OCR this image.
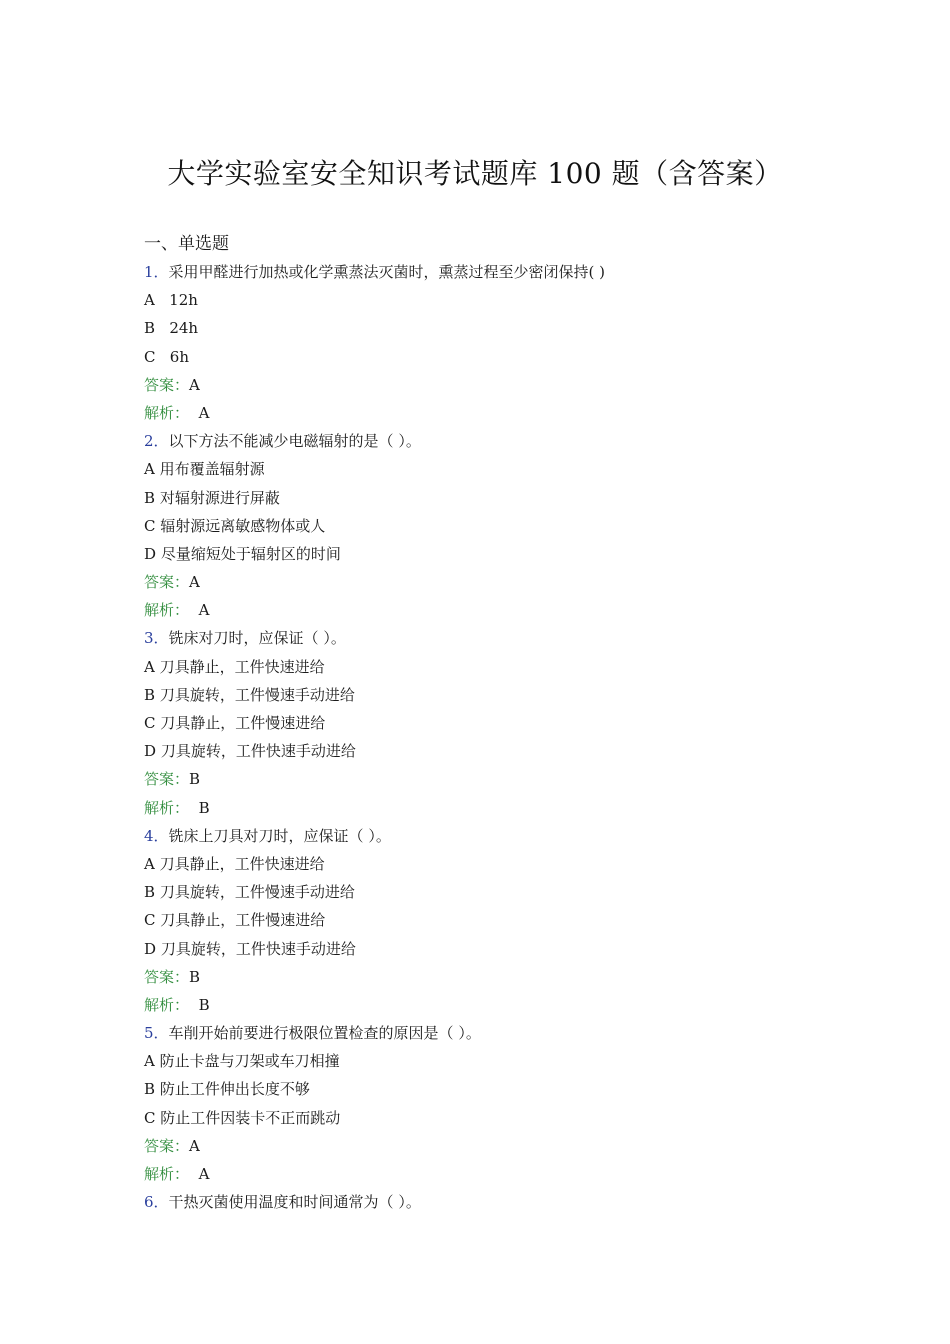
大学实验室安全知识考试题库 100 题（含答案）
一、单选题
1．采用甲醛进行加热或化学熏蒸法灭菌时，熏蒸过程至少密闭保持( )
A 12h
B 24h
C 6h
答案：A
解析： A
2．以下方法不能减少电磁辐射的是（ ）。
A 用布覆盖辐射源
B 对辐射源进行屏蔽
C 辐射源远离敏感物体或人
D 尽量缩短处于辐射区的时间
答案：A
解析： A
3．铣床对刀时，应保证（ ）。
A 刀具静止，工件快速进给
B 刀具旋转，工件慢速手动进给
C 刀具静止，工件慢速进给
D 刀具旋转，工件快速手动进给
答案：B
解析： B
4．铣床上刀具对刀时，应保证（ ）。
A 刀具静止，工件快速进给
B 刀具旋转，工件慢速手动进给
C 刀具静止，工件慢速进给
D 刀具旋转，工件快速手动进给
答案：B
解析： B
5．车削开始前要进行极限位置检查的原因是（ ）。
A 防止卡盘与刀架或车刀相撞
B 防止工件伸出长度不够
C 防止工件因装卡不正而跳动
答案：A
解析： A
6．干热灭菌使用温度和时间通常为（ ）。
